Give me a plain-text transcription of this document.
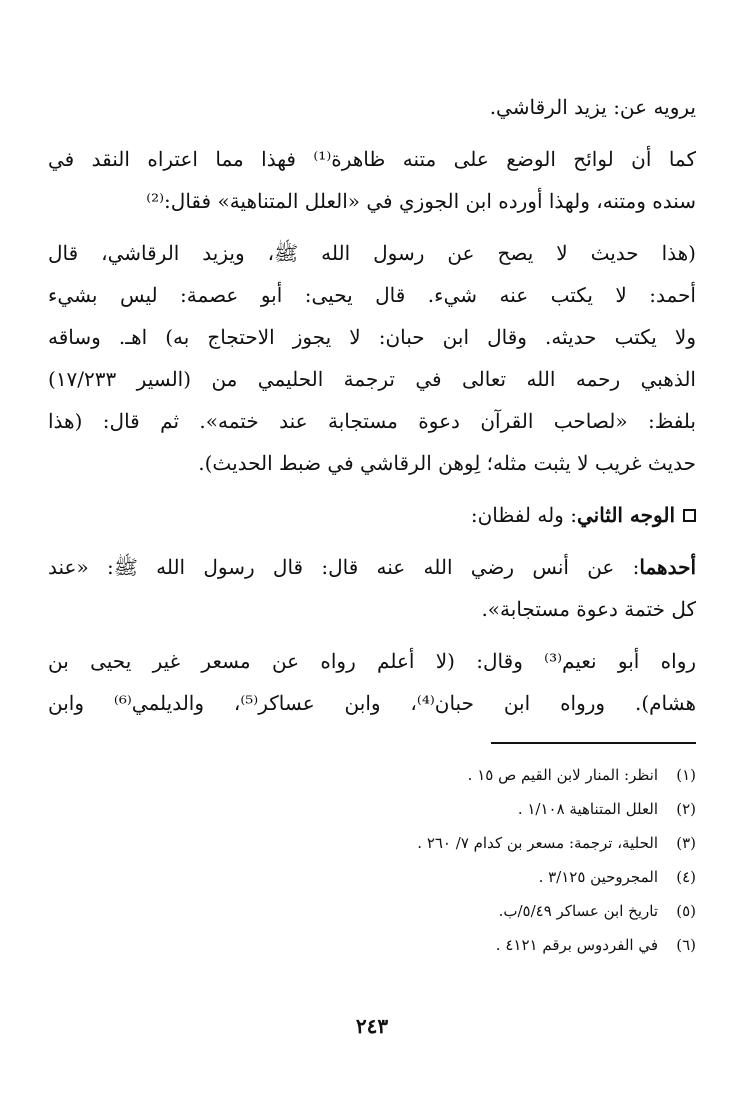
يرويه عن: يزيد الرقاشي.

كما أن لوائح الوضع على متنه ظاهرة⁽¹⁾ فهذا مما اعتراه النقد في

سنده ومتنه، ولهذا أورده ابن الجوزي في «العلل المتناهية» فقال:⁽²⁾

(هذا حديث لا يصح عن رسول الله ﷺ، ويزيد الرقاشي، قال

أحمد: لا يكتب عنه شيء. قال يحيى: أبو عصمة: ليس بشيء

ولا يكتب حديثه. وقال ابن حبان: لا يجوز الاحتجاج به) اهـ. وساقه

الذهبي رحمه الله تعالى في ترجمة الحليمي من (السير ١٧/٢٣٣)

بلفظ: «لصاحب القرآن دعوة مستجابة عند ختمه». ثم قال: (هذا

حديث غريب لا يثبت مثله؛ لِوهن الرقاشي في ضبط الحديث).

الوجه الثاني: وله لفظان:

أحدهما: عن أنس رضي الله عنه قال: قال رسول الله ﷺ: «عند

كل ختمة دعوة مستجابة».

رواه أبو نعيم⁽³⁾ وقال: (لا أعلم رواه عن مسعر غير يحيى بن

هشام). ورواه ابن حبان⁽⁴⁾، وابن عساكر⁽⁵⁾، والديلمي⁽⁶⁾ وابن

(١)
انظر: المنار لابن القيم ص ١٥ .
(٢)
العلل المتناهية ١/١٠٨ .
(٣)
الحلية، ترجمة: مسعر بن كدام ٧/ ٢٦٠ .
(٤)
المجروحين ٣/١٢٥ .
(٥)
تاريخ ابن عساكر ٥/٤٩/ب.
(٦)
في الفردوس برقم ٤١٢١ .
٢٤٣
